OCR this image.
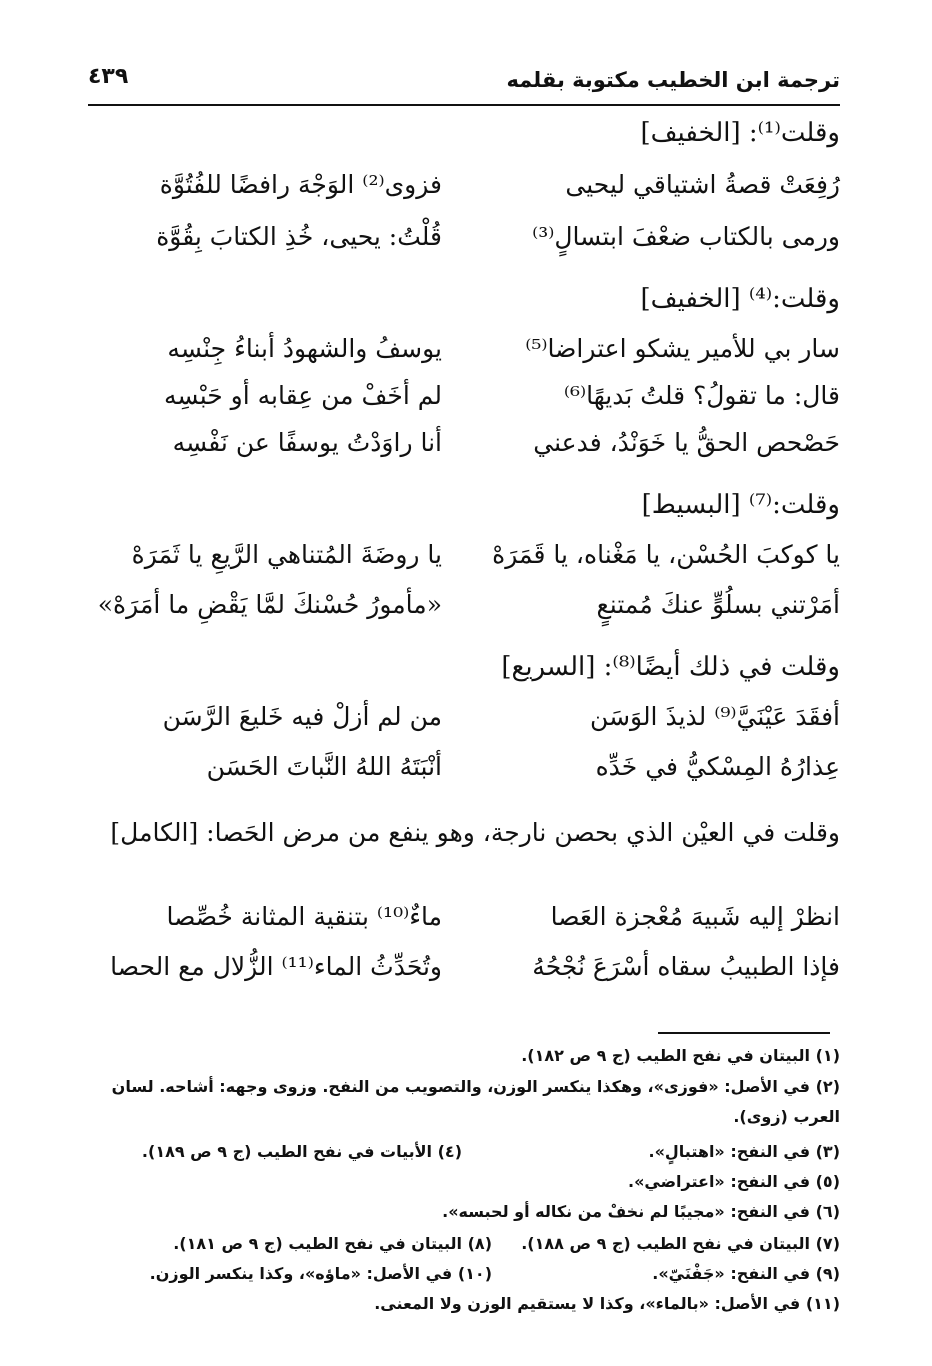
ترجمة ابن الخطيب مكتوبة بقلمه
٤٣٩
وقلت⁽¹⁾: [الخفيف]
رُفِعَتْ قصةُ اشتياقي ليحيى
فزوى⁽²⁾ الوَجْهَ رافضًا للفُتُوَّة
ورمى بالكتاب ضعْفَ ابتسالٍ⁽³⁾
قُلْتُ: يحيى، خُذِ الكتابَ بِقُوَّة
وقلت:⁽⁴⁾ [الخفيف]
سار بي للأمير يشكو اعتراضا⁽⁵⁾
يوسفُ والشهودُ أبناءُ جِنْسِه
قال: ما تقولُ؟ قلتُ بَديهًا⁽⁶⁾
لم أخَفْ من عِقابه أو حَبْسِه
حَصْحص الحقُّ يا خَوَنْدُ، فدعني
أنا راوَدْتُ يوسفًا عن نَفْسِه
وقلت:⁽⁷⁾ [البسيط]
يا كوكبَ الحُسْن، يا مَغْناه، يا قَمَرَهْ
يا روضَةَ المُتناهي الرَّيعِ يا ثَمَرَهْ
أمَرْتني بسلُوٍّ عنكَ مُمتنعٍ
«مأمورُ حُسْنكَ لمَّا يَقْضِ ما أمَرَهْ»
وقلت في ذلك أيضًا⁽⁸⁾: [السريع]
أفقَدَ عَيْنَيَّ⁽⁹⁾ لذيذَ الوَسَن
من لم أزلْ فيه خَليعَ الرَّسَن
عِذارُهُ المِسْكيُّ في خَدِّه
أنْبَتَهُ اللهُ النَّباتَ الحَسَن
وقلت في العيْن الذي بحصن نارجة، وهو ينفع من مرض الحَصا: [الكامل]
انظرْ إليه شَبيهَ مُعْجزة العَصا
ماءٌ⁽¹⁰⁾ بتنقية المثانة خُصِّصا
فإذا الطبيبُ سقاه أسْرَعَ نُجْحُهُ
وتُحَدِّثُ الماء⁽¹¹⁾ الزُّلال مع الحصا
(١) البيتان في نفح الطيب (ج ٩ ص ١٨٢).
(٢) في الأصل: «فوزى»، وهكذا ينكسر الوزن، والتصويب من النفح. وزوى وجهه: أشاحه. لسان العرب (زوى).
(٣) في النفح: «اهتبالٍ».
(٤) الأبيات في نفح الطيب (ج ٩ ص ١٨٩).
(٥) في النفح: «اعتراضي».
(٦) في النفح: «مجيبًا لم نخفْ من نكاله أو لحبسه».
(٧) البيتان في نفح الطيب (ج ٩ ص ١٨٨).
(٨) البيتان في نفح الطيب (ج ٩ ص ١٨١).
(٩) في النفح: «جَفْنَيّ».
(١٠) في الأصل: «ماؤه»، وكذا ينكسر الوزن.
(١١) في الأصل: «بالماء»، وكذا لا يستقيم الوزن ولا المعنى.
